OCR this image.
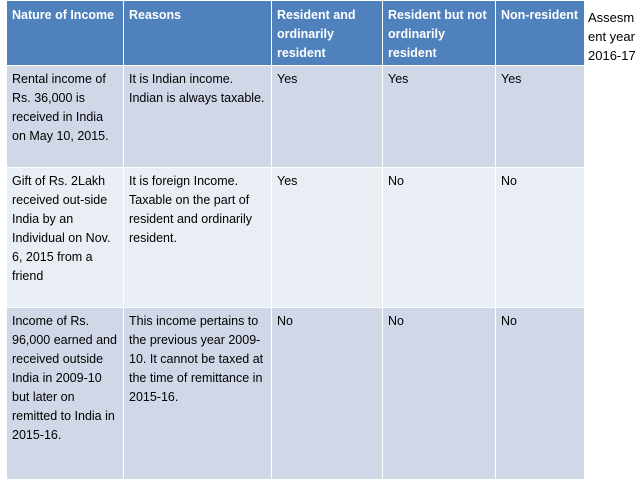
Nature of Income	Reasons	Resident and ordinarily resident	Resident but not ordinarily resident	Non-resident
Rental income of Rs. 36,000 is received in India on May 10, 2015.	It is Indian income. Indian is always taxable.	Yes	Yes	Yes
Gift of Rs. 2Lakh received out-side India by an Individual on Nov. 6, 2015 from a friend	It is foreign Income. Taxable on the part of resident and ordinarily resident.	Yes	No	No
Income of Rs. 96,000 earned and received outside India in 2009-10 but later on remitted to India in 2015-16.	This income pertains to the previous year 2009-10. It cannot be taxed at the time of remittance in 2015-16.	No	No	No
Assesment year 2016-17
